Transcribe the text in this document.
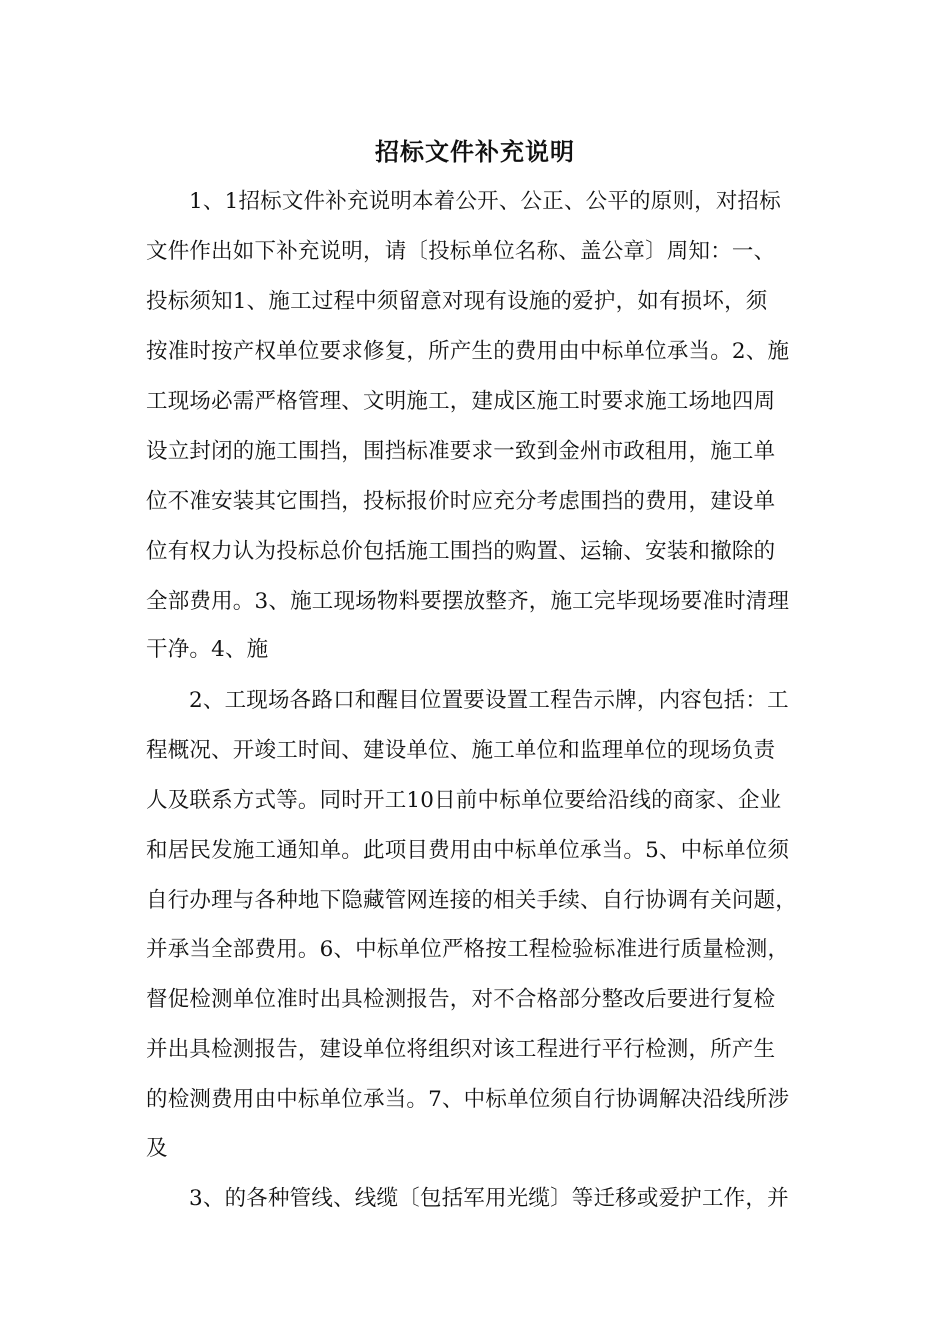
招标文件补充说明
1、1招标文件补充说明本着公开、公正、公平的原则，对招标
文件作出如下补充说明，请〔投标单位名称、盖公章〕周知：一、
投标须知1、施工过程中须留意对现有设施的爱护，如有损坏，须
按准时按产权单位要求修复，所产生的费用由中标单位承当。2、施
工现场必需严格管理、文明施工，建成区施工时要求施工场地四周
设立封闭的施工围挡，围挡标准要求一致到金州市政租用，施工单
位不准安装其它围挡，投标报价时应充分考虑围挡的费用，建设单
位有权力认为投标总价包括施工围挡的购置、运输、安装和撤除的
全部费用。3、施工现场物料要摆放整齐，施工完毕现场要准时清理
干净。4、施
2、工现场各路口和醒目位置要设置工程告示牌，内容包括：工
程概况、开竣工时间、建设单位、施工单位和监理单位的现场负责
人及联系方式等。同时开工10日前中标单位要给沿线的商家、企业
和居民发施工通知单。此项目费用由中标单位承当。5、中标单位须
自行办理与各种地下隐藏管网连接的相关手续、自行协调有关问题，
并承当全部费用。6、中标单位严格按工程检验标准进行质量检测，
督促检测单位准时出具检测报告，对不合格部分整改后要进行复检
并出具检测报告，建设单位将组织对该工程进行平行检测，所产生
的检测费用由中标单位承当。7、中标单位须自行协调解决沿线所涉
及
3、的各种管线、线缆〔包括军用光缆〕等迁移或爱护工作，并
